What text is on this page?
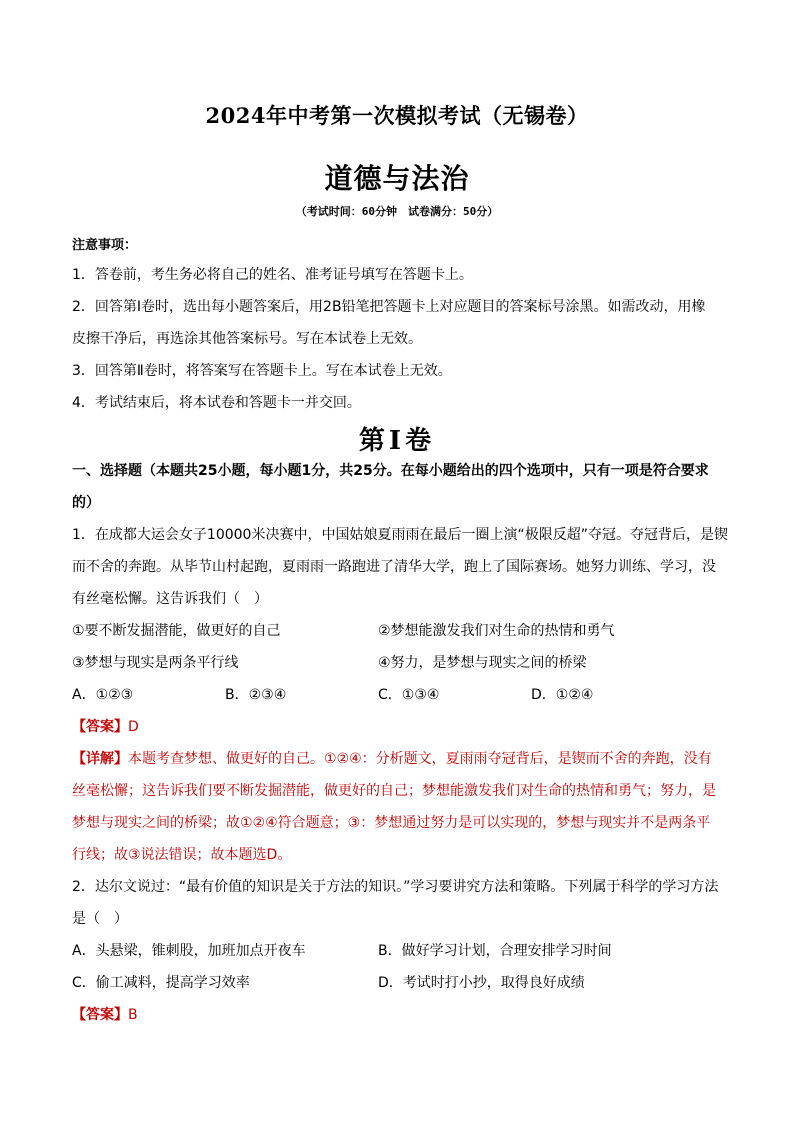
2024年中考第一次模拟考试（无锡卷）
道德与法治
（考试时间：60分钟　试卷满分：50分）
注意事项：
1．答卷前，考生务必将自己的姓名、准考证号填写在答题卡上。
2．回答第Ⅰ卷时，选出每小题答案后，用2B铅笔把答题卡上对应题目的答案标号涂黑。如需改动，用橡
皮擦干净后，再选涂其他答案标号。写在本试卷上无效。
3．回答第Ⅱ卷时，将答案写在答题卡上。写在本试卷上无效。
4．考试结束后，将本试卷和答题卡一并交回。
第Ⅰ卷
一、选择题（本题共25小题，每小题1分，共25分。在每小题给出的四个选项中，只有一项是符合要求
的）
1．在成都大运会女子10000米决赛中，中国姑娘夏雨雨在最后一圈上演“极限反超”夺冠。夺冠背后，是锲
而不舍的奔跑。从毕节山村起跑，夏雨雨一路跑进了清华大学，跑上了国际赛场。她努力训练、学习，没
有丝毫松懈。这告诉我们（　）
①要不断发掘潜能，做更好的自己	②梦想能激发我们对生命的热情和勇气
③梦想与现实是两条平行线	④努力，是梦想与现实之间的桥梁
A．①②③	B．②③④	C．①③④	D．①②④
【答案】D
【详解】本题考查梦想、做更好的自己。①②④：分析题文，夏雨雨夺冠背后，是锲而不舍的奔跑，没有
丝毫松懈；这告诉我们要不断发掘潜能，做更好的自己；梦想能激发我们对生命的热情和勇气；努力，是
梦想与现实之间的桥梁；故①②④符合题意；③：梦想通过努力是可以实现的，梦想与现实并不是两条平
行线；故③说法错误；故本题选D。
2．达尔文说过：“最有价值的知识是关于方法的知识。”学习要讲究方法和策略。下列属于科学的学习方法
是（　）
A．头悬梁，锥刺股，加班加点开夜车	B．做好学习计划，合理安排学习时间
C．偷工减料，提高学习效率	D．考试时打小抄，取得良好成绩
【答案】B
